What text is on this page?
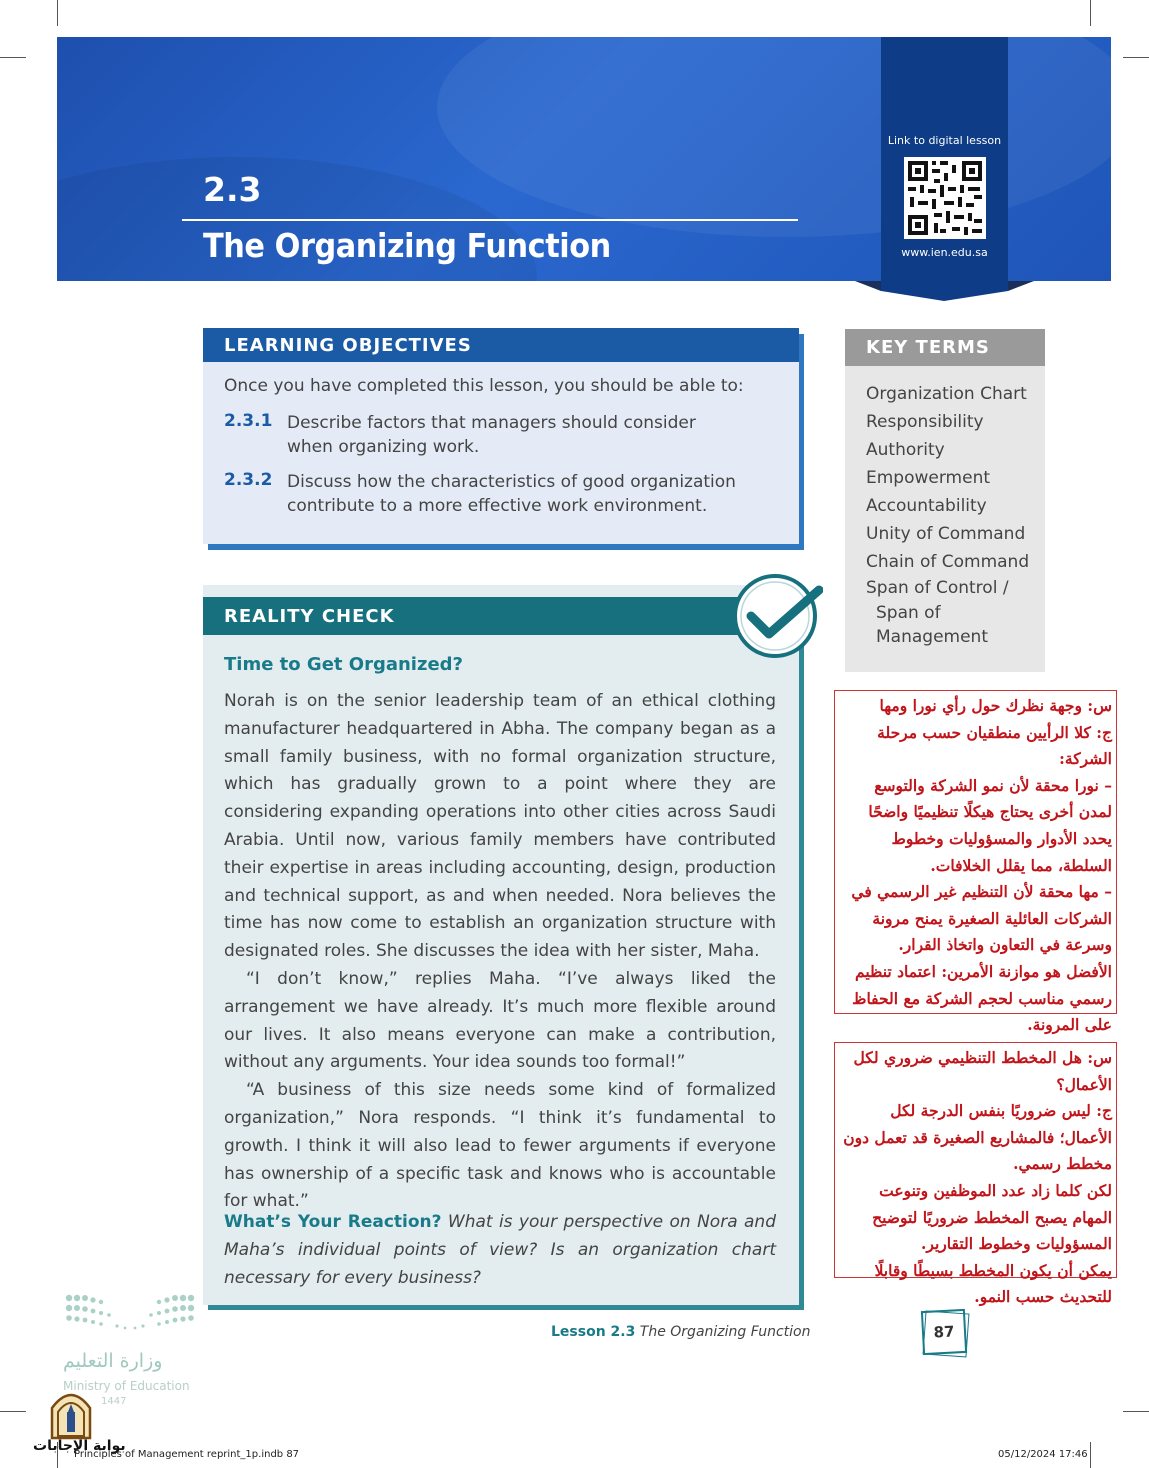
2.3
The Organizing Function
Link to digital lesson
www.ien.edu.sa
LEARNING OBJECTIVES
Once you have completed this lesson, you should be able to:
2.3.1 Describe factors that managers should consider when organizing work.
2.3.2 Discuss how the characteristics of good organization contribute to a more effective work environment.
KEY TERMS
Organization Chart
Responsibility
Authority
Empowerment
Accountability
Unity of Command
Chain of Command
Span of Control /
Span of
Management
REALITY CHECK
Time to Get Organized?

Norah is on the senior leadership team of an ethical clothing manufacturer headquartered in Abha. The company began as a small family business, with no formal organization structure, which has gradually grown to a point where they are considering expanding operations into other cities across Saudi Arabia. Until now, various family members have contributed their expertise in areas including accounting, design, production and technical support, as and when needed. Nora believes the time has now come to establish an organization structure with designated roles. She discusses the idea with her sister, Maha.

“I don’t know,” replies Maha. “I’ve always liked the arrangement we have already. It’s much more flexible around our lives. It also means everyone can make a contribution, without any arguments. Your idea sounds too formal!”

“A business of this size needs some kind of formalized organization,” Nora responds. “I think it’s fundamental to growth. I think it will also lead to fewer arguments if everyone has ownership of a specific task and knows who is accountable for what.”

What’s Your Reaction? What is your perspective on Nora and Maha’s individual points of view? Is an organization chart necessary for every business?

س: وجهة نظرك حول رأي نورا ومها

ج: كلا الرأيين منطقيان حسب مرحلة الشركة:

– نورا محقة لأن نمو الشركة والتوسع لمدن أخرى يحتاج هيكلًا تنظيميًا واضحًا يحدد الأدوار والمسؤوليات وخطوط السلطة، مما يقلل الخلافات.

– مها محقة لأن التنظيم غير الرسمي في الشركات العائلية الصغيرة يمنح مرونة وسرعة في التعاون واتخاذ القرار.

الأفضل هو موازنة الأمرين: اعتماد تنظيم رسمي مناسب لحجم الشركة مع الحفاظ على المرونة.

س: هل المخطط التنظيمي ضروري لكل الأعمال؟

ج: ليس ضروريًا بنفس الدرجة لكل الأعمال؛ فالمشاريع الصغيرة قد تعمل دون مخطط رسمي.

لكن كلما زاد عدد الموظفين وتنوعت المهام يصبح المخطط ضروريًا لتوضيح المسؤوليات وخطوط التقارير.

يمكن أن يكون المخطط بسيطًا وقابلًا للتحديث حسب النمو.

Lesson 2.3 The Organizing Function	87
وزارة التعليم
Ministry of Education
1447
بوابة الإجابات
Principles of Management reprint_1p.indb 87	05/12/2024 17:46
